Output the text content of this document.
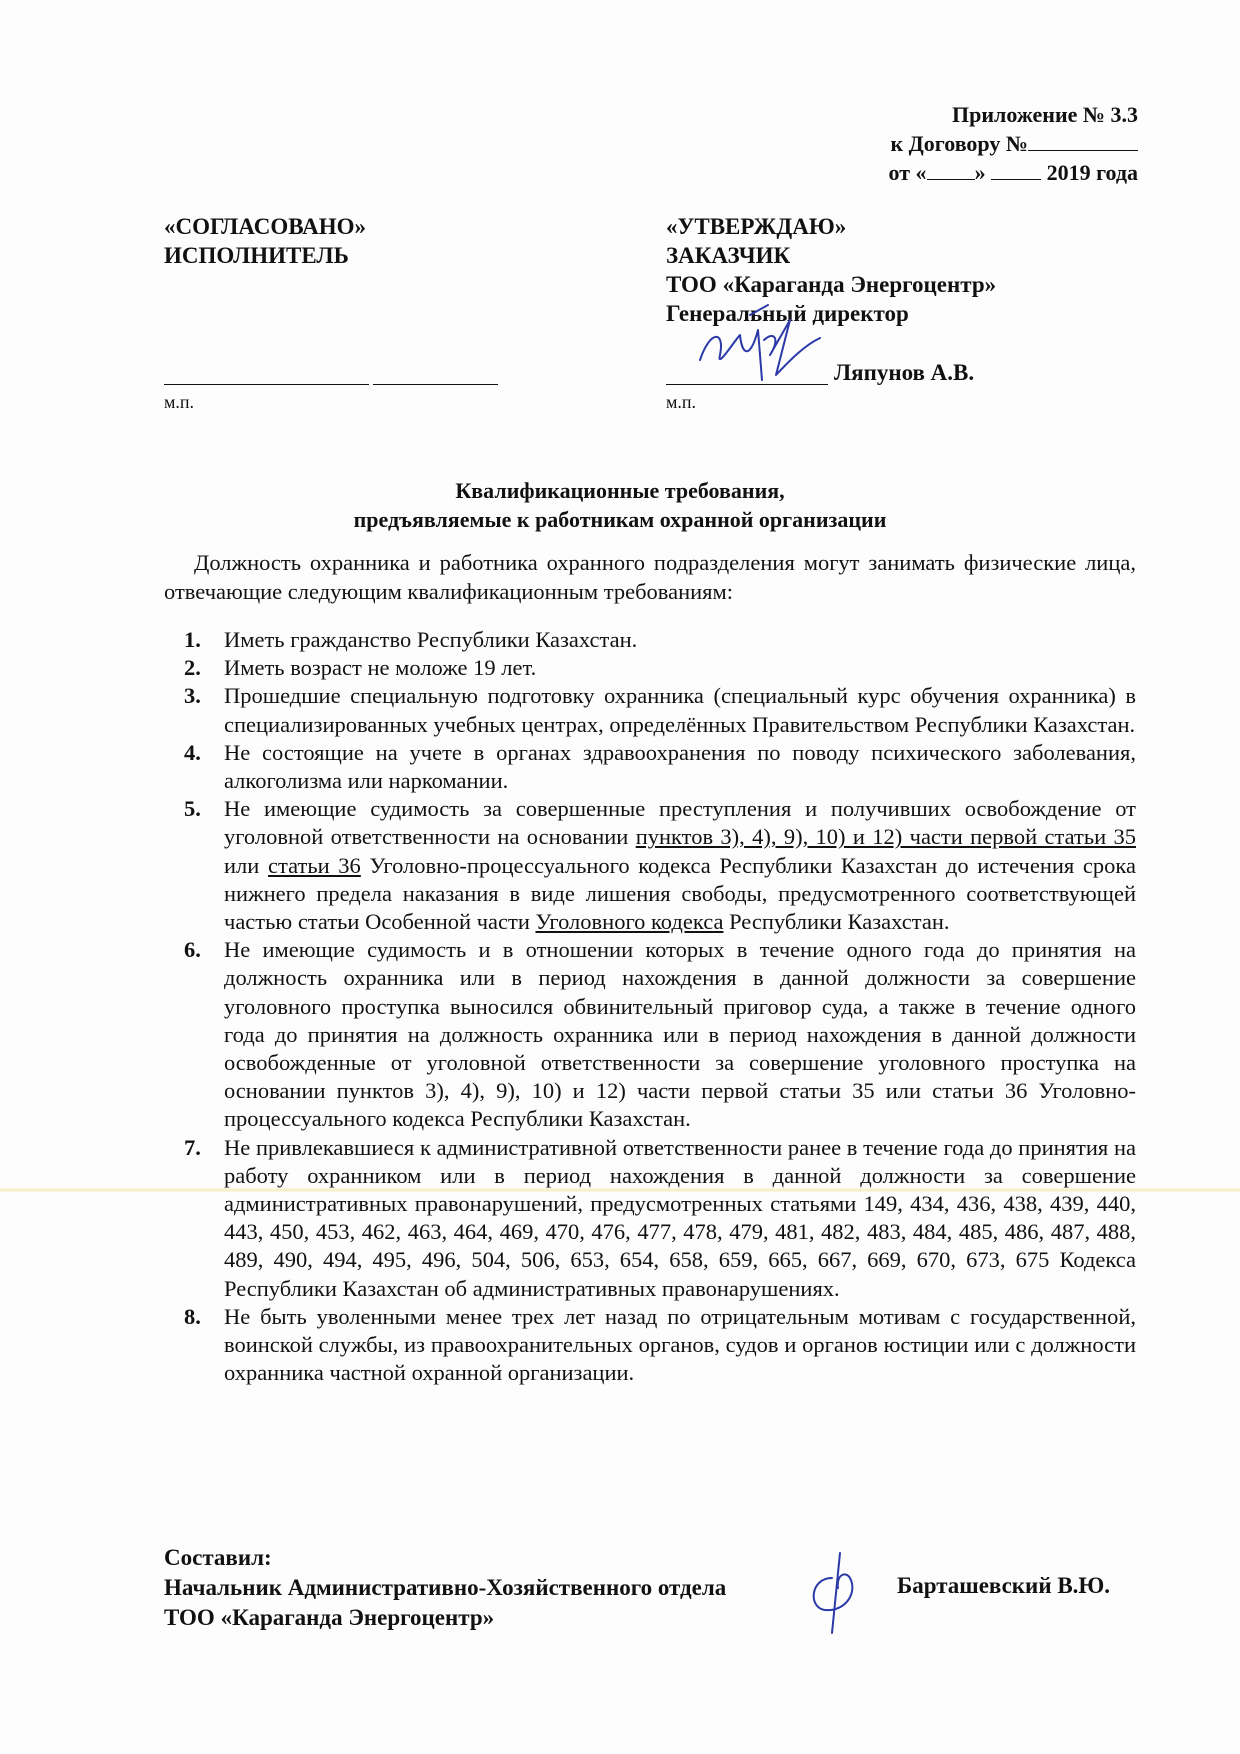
Приложение № 3.3
к Договору №
от « »	2019 года
«СОГЛАСОВАНО»
ИСПОЛНИТЕЛЬ
м.п.
«УТВЕРЖДАЮ»
ЗАКАЗЧИК
ТОО «Караганда Энергоцентр»
Генеральный директор
Ляпунов А.В.
м.п.
Квалификационные требования,
предъявляемые к работникам охранной организации
Должность охранника и работника охранного подразделения могут занимать физические лица, отвечающие следующим квалификационным требованиям:
1. Иметь гражданство Республики Казахстан.
2. Иметь возраст не моложе 19 лет.
3. Прошедшие специальную подготовку охранника (специальный курс обучения охранника) в специализированных учебных центрах, определённых Правительством Республики Казахстан.
4. Не состоящие на учете в органах здравоохранения по поводу психического заболевания, алкоголизма или наркомании.
5. Не имеющие судимость за совершенные преступления и получивших освобождение от уголовной ответственности на основании пунктов 3), 4), 9), 10) и 12) части первой статьи 35 или статьи 36 Уголовно-процессуального кодекса Республики Казахстан до истечения срока нижнего предела наказания в виде лишения свободы, предусмотренного соответствующей частью статьи Особенной части Уголовного кодекса Республики Казахстан.
6. Не имеющие судимость и в отношении которых в течение одного года до принятия на должность охранника или в период нахождения в данной должности за совершение уголовного проступка выносился обвинительный приговор суда, а также в течение одного года до принятия на должность охранника или в период нахождения в данной должности освобожденные от уголовной ответственности за совершение уголовного проступка на основании пунктов 3), 4), 9), 10) и 12) части первой статьи 35 или статьи 36 Уголовно-процессуального кодекса Республики Казахстан.
7. Не привлекавшиеся к административной ответственности ранее в течение года до принятия на работу охранником или в период нахождения в данной должности за совершение административных правонарушений, предусмотренных статьями 149, 434, 436, 438, 439, 440, 443, 450, 453, 462, 463, 464, 469, 470, 476, 477, 478, 479, 481, 482, 483, 484, 485, 486, 487, 488, 489, 490, 494, 495, 496, 504, 506, 653, 654, 658, 659, 665, 667, 669, 670, 673, 675 Кодекса Республики Казахстан об административных правонарушениях.
8. Не быть уволенными менее трех лет назад по отрицательным мотивам с государственной, воинской службы, из правоохранительных органов, судов и органов юстиции или с должности охранника частной охранной организации.
Составил:
Начальник Административно-Хозяйственного отдела
ТОО «Караганда Энергоцентр»
Барташевский В.Ю.
